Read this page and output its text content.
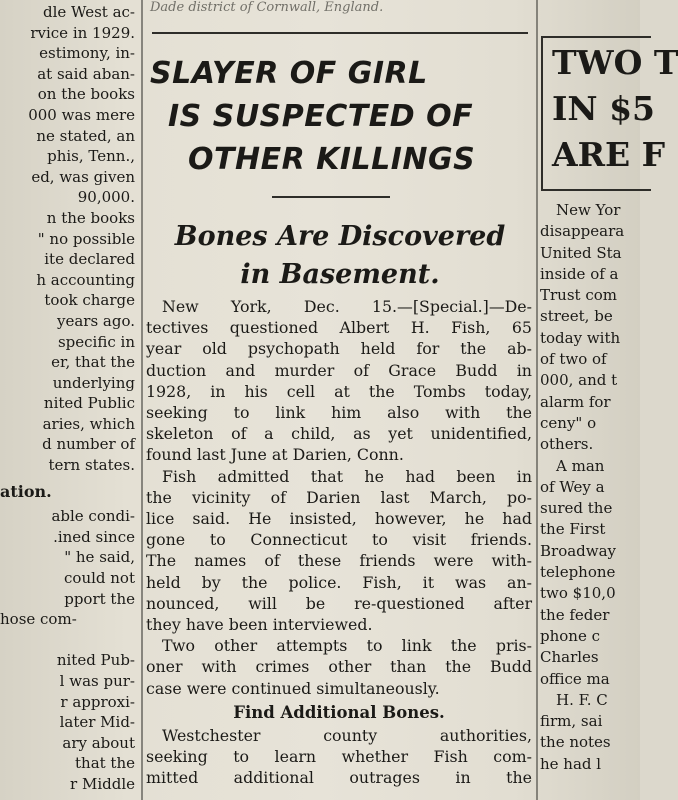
dle West ac-
rvice in 1929.
estimony, in-
at said aban-
on the books
000 was mere
ne stated, an
phis, Tenn.,
ed, was given
90,000.
n the books
" no possible
ite declared
h accounting
took charge
years ago.
specific in
er, that the
underlying
nited Public
aries, which
d number of
tern states.
ation.
able condi-
.ined since
" he said,
could not
pport the
hose com-

nited Pub-
l was pur-
r approxi-
later Mid-
ary about
that the
r Middle
Dade district of Cornwall, England.
SLAYER OF GIRL
IS SUSPECTED OF
OTHER KILLINGS
Bones Are Discovered
in Basement.
New York, Dec. 15.—[Special.]—De-
tectives questioned Albert H. Fish, 65
year old psychopath held for the ab-
duction and murder of Grace Budd in
1928, in his cell at the Tombs today,
seeking to link him also with the
skeleton of a child, as yet unidentified,
found last June at Darien, Conn.
Fish admitted that he had been in
the vicinity of Darien last March, po-
lice said. He insisted, however, he had
gone to Connecticut to visit friends.
The names of these friends were with-
held by the police. Fish, it was an-
nounced, will be re-questioned after
they have been interviewed.
Two other attempts to link the pris-
oner with crimes other than the Budd
case were continued simultaneously.
Find Additional Bones.
Westchester county authorities,
seeking to learn whether Fish com-
mitted additional outrages in the
TWO T
IN $5
ARE F
New Yor
disappeara
United Sta
inside of a
Trust com
street, be
today with
of two of
000, and t
alarm for
ceny" o
others.
A man
of Wey a
sured the
the First
Broadway
telephone
two $10,0
the feder
phone c
Charles
office ma
H. F. C
firm, sai
the notes
he had l
